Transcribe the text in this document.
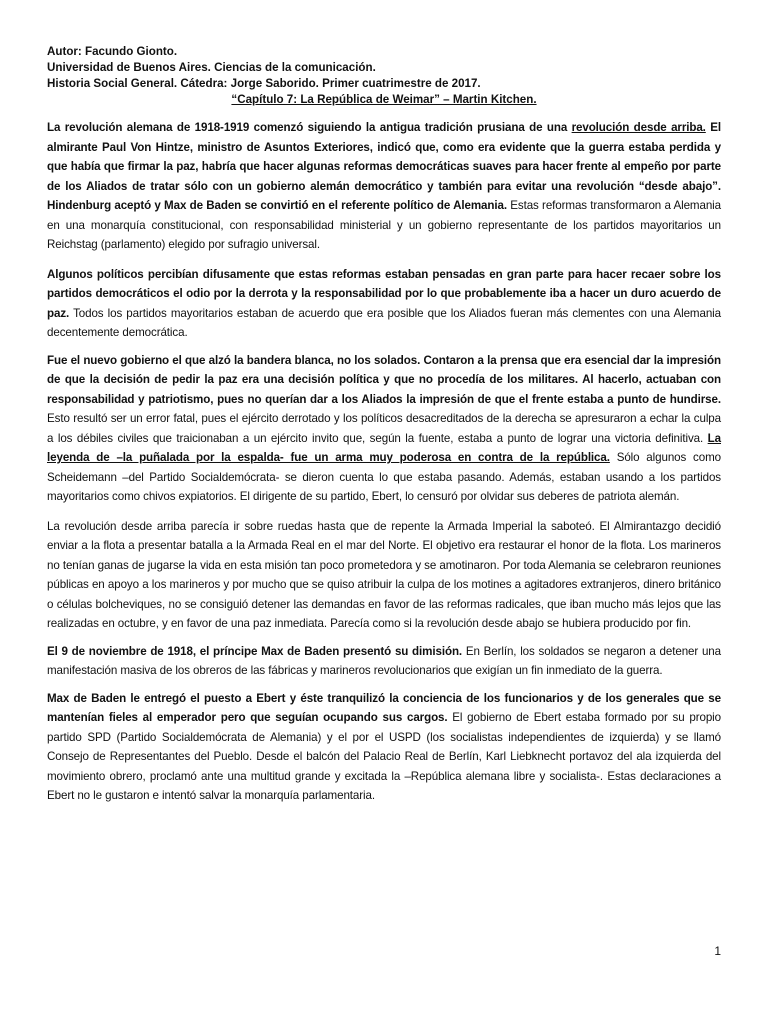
Autor: Facundo Gionto.
Universidad de Buenos Aires. Ciencias de la comunicación.
Historia Social General. Cátedra: Jorge Saborido. Primer cuatrimestre de 2017.
“Capítulo 7: La República de Weimar” – Martin Kitchen.

La revolución alemana de 1918-1919 comenzó siguiendo la antigua tradición prusiana de una revolución desde arriba. El almirante Paul Von Hintze, ministro de Asuntos Exteriores, indicó que, como era evidente que la guerra estaba perdida y que había que firmar la paz, habría que hacer algunas reformas democráticas suaves para hacer frente al empeño por parte de los Aliados de tratar sólo con un gobierno alemán democrático y también para evitar una revolución “desde abajo”. Hindenburg aceptó y Max de Baden se convirtió en el referente político de Alemania. Estas reformas transformaron a Alemania en una monarquía constitucional, con responsabilidad ministerial y un gobierno representante de los partidos mayoritarios un Reichstag (parlamento) elegido por sufragio universal.

Algunos políticos percibían difusamente que estas reformas estaban pensadas en gran parte para hacer recaer sobre los partidos democráticos el odio por la derrota y la responsabilidad por lo que probablemente iba a hacer un duro acuerdo de paz. Todos los partidos mayoritarios estaban de acuerdo que era posible que los Aliados fueran más clementes con una Alemania decentemente democrática.

Fue el nuevo gobierno el que alzó la bandera blanca, no los solados. Contaron a la prensa que era esencial dar la impresión de que la decisión de pedir la paz era una decisión política y que no procedía de los militares. Al hacerlo, actuaban con responsabilidad y patriotismo, pues no querían dar a los Aliados la impresión de que el frente estaba a punto de hundirse. Esto resultó ser un error fatal, pues el ejército derrotado y los políticos desacreditados de la derecha se apresuraron a echar la culpa a los débiles civiles que traicionaban a un ejército invito que, según la fuente, estaba a punto de lograr una victoria definitiva. La leyenda de –la puñalada por la espalda- fue un arma muy poderosa en contra de la república. Sólo algunos como Scheidemann –del Partido Socialdemócrata- se dieron cuenta lo que estaba pasando. Además, estaban usando a los partidos mayoritarios como chivos expiatorios. El dirigente de su partido, Ebert, lo censuró por olvidar sus deberes de patriota alemán.

La revolución desde arriba parecía ir sobre ruedas hasta que de repente la Armada Imperial la saboteó. El Almirantazgo decidió enviar a la flota a presentar batalla a la Armada Real en el mar del Norte. El objetivo era restaurar el honor de la flota. Los marineros no tenían ganas de jugarse la vida en esta misión tan poco prometedora y se amotinaron. Por toda Alemania se celebraron reuniones públicas en apoyo a los marineros y por mucho que se quiso atribuir la culpa de los motines a agitadores extranjeros, dinero británico o células bolcheviques, no se consiguió detener las demandas en favor de las reformas radicales, que iban mucho más lejos que las realizadas en octubre, y en favor de una paz inmediata. Parecía como si la revolución desde abajo se hubiera producido por fin.

El 9 de noviembre de 1918, el príncipe Max de Baden presentó su dimisión. En Berlín, los soldados se negaron a detener una manifestación masiva de los obreros de las fábricas y marineros revolucionarios que exigían un fin inmediato de la guerra.

Max de Baden le entregó el puesto a Ebert y éste tranquilizó la conciencia de los funcionarios y de los generales que se mantenían fieles al emperador pero que seguían ocupando sus cargos. El gobierno de Ebert estaba formado por su propio partido SPD (Partido Socialdemócrata de Alemania) y el por el USPD (los socialistas independientes de izquierda) y se llamó Consejo de Representantes del Pueblo. Desde el balcón del Palacio Real de Berlín, Karl Liebknecht portavoz del ala izquierda del movimiento obrero, proclamó ante una multitud grande y excitada la –República alemana libre y socialista-. Estas declaraciones a Ebert no le gustaron e intentó salvar la monarquía parlamentaria.

1
